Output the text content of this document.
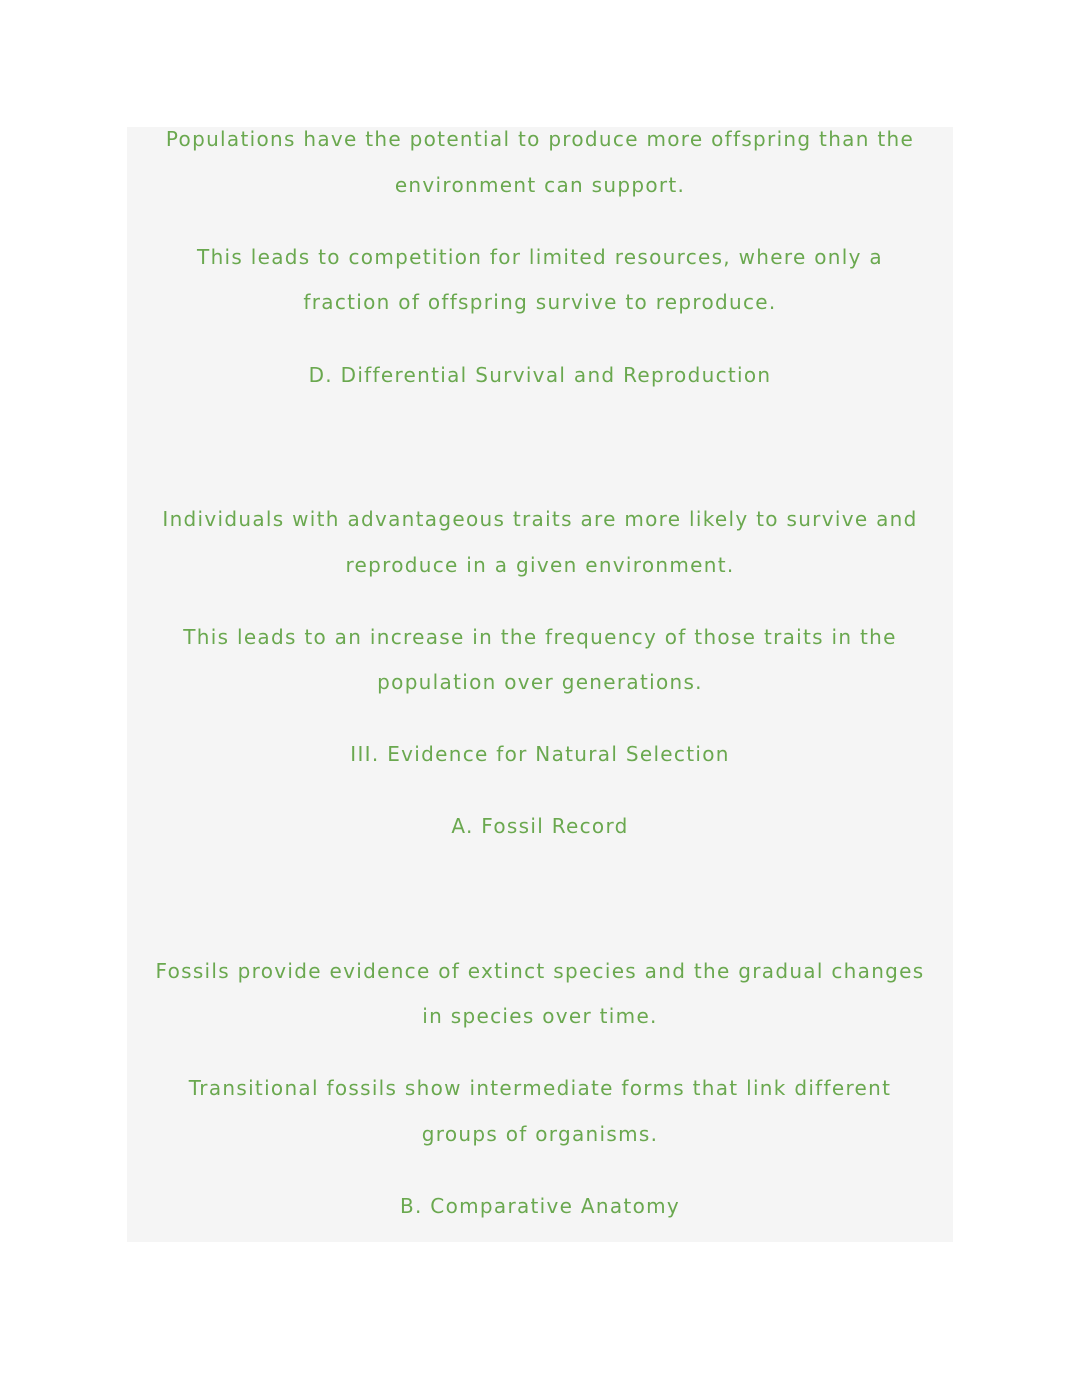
Populations have the potential to produce more offspring than the
environment can support.
This leads to competition for limited resources, where only a
fraction of offspring survive to reproduce.
D. Differential Survival and Reproduction
Individuals with advantageous traits are more likely to survive and
reproduce in a given environment.
This leads to an increase in the frequency of those traits in the
population over generations.
III. Evidence for Natural Selection
A. Fossil Record
Fossils provide evidence of extinct species and the gradual changes
in species over time.
Transitional fossils show intermediate forms that link different
groups of organisms.
B. Comparative Anatomy
